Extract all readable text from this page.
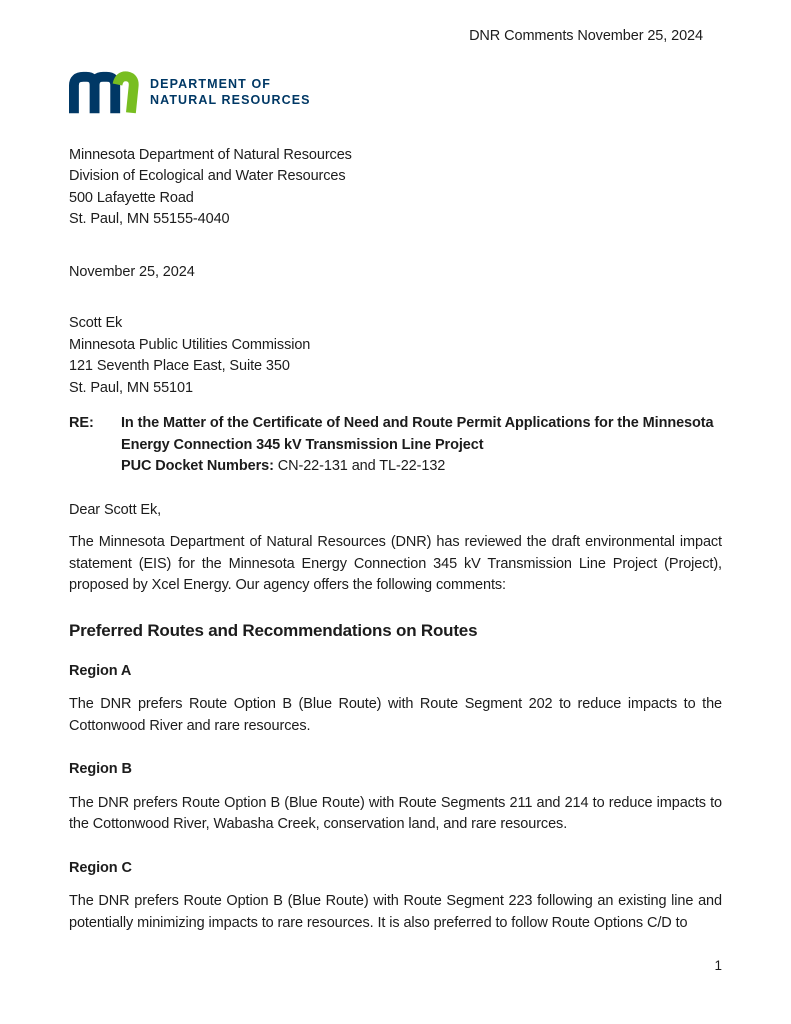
DNR Comments November 25, 2024
DEPARTMENT OF
NATURAL RESOURCES
Minnesota Department of Natural Resources
Division of Ecological and Water Resources
500 Lafayette Road
St. Paul, MN 55155-4040
November 25, 2024
Scott Ek
Minnesota Public Utilities Commission
121 Seventh Place East, Suite 350
St. Paul, MN 55101
RE:	In the Matter of the Certificate of Need and Route Permit Applications for the Minnesota Energy Connection 345 kV Transmission Line Project
PUC Docket Numbers: CN-22-131 and TL-22-132
Dear Scott Ek,
The Minnesota Department of Natural Resources (DNR) has reviewed the draft environmental impact statement (EIS) for the Minnesota Energy Connection 345 kV Transmission Line Project (Project), proposed by Xcel Energy. Our agency offers the following comments:
Preferred Routes and Recommendations on Routes
Region A
The DNR prefers Route Option B (Blue Route) with Route Segment 202 to reduce impacts to the Cottonwood River and rare resources.
Region B
The DNR prefers Route Option B (Blue Route) with Route Segments 211 and 214 to reduce impacts to the Cottonwood River, Wabasha Creek, conservation land, and rare resources.
Region C
The DNR prefers Route Option B (Blue Route) with Route Segment 223 following an existing line and potentially minimizing impacts to rare resources. It is also preferred to follow Route Options C/D to
1
